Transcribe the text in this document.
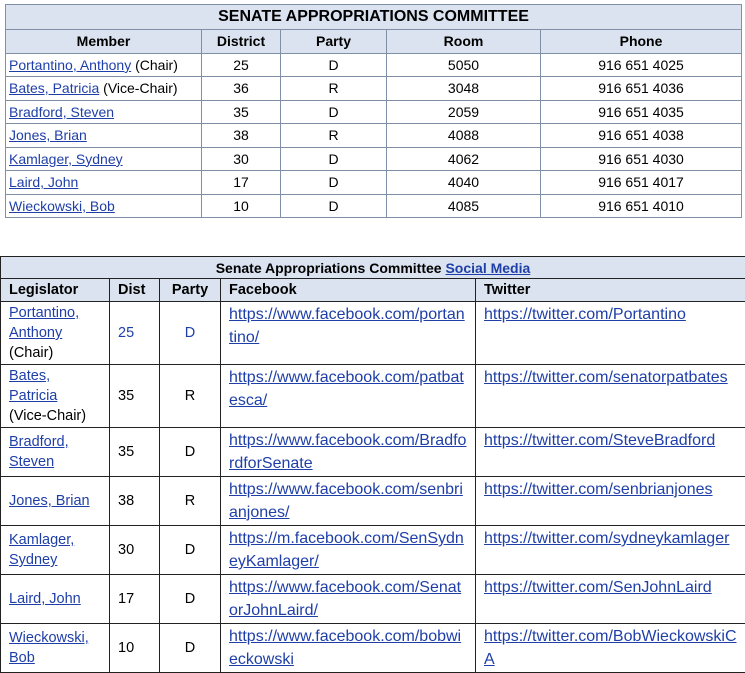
SENATE APPROPRIATIONS COMMITTEE				
Member	District	Party	Room	Phone
Portantino, Anthony (Chair)	25	D	5050	916 651 4025
Bates, Patricia (Vice-Chair)	36	R	3048	916 651 4036
Bradford, Steven	35	D	2059	916 651 4035
Jones, Brian	38	R	4088	916 651 4038
Kamlager, Sydney	30	D	4062	916 651 4030
Laird, John	17	D	4040	916 651 4017
Wieckowski, Bob	10	D	4085	916 651 4010
Senate Appropriations Committee Social Media				
Legislator	Dist	Party	Facebook	Twitter
Portantino,
Anthony
(Chair)	25	D	https://www.facebook.com/portantino/	https://twitter.com/Portantino
Bates,
Patricia
(Vice-Chair)	35	R	https://www.facebook.com/patbatesca/	https://twitter.com/senatorpatbates
Bradford,
Steven	35	D	https://www.facebook.com/BradfordforSenate	https://twitter.com/SteveBradford
Jones, Brian	38	R	https://www.facebook.com/senbrianjones/	https://twitter.com/senbrianjones
Kamlager,
Sydney	30	D	https://m.facebook.com/SenSydneyKamlager/	https://twitter.com/sydneykamlager
Laird, John	17	D	https://www.facebook.com/SenatorJohnLaird/	https://twitter.com/SenJohnLaird
Wieckowski,
Bob	10	D	https://www.facebook.com/bobwieckowski	https://twitter.com/BobWieckowskiCA
